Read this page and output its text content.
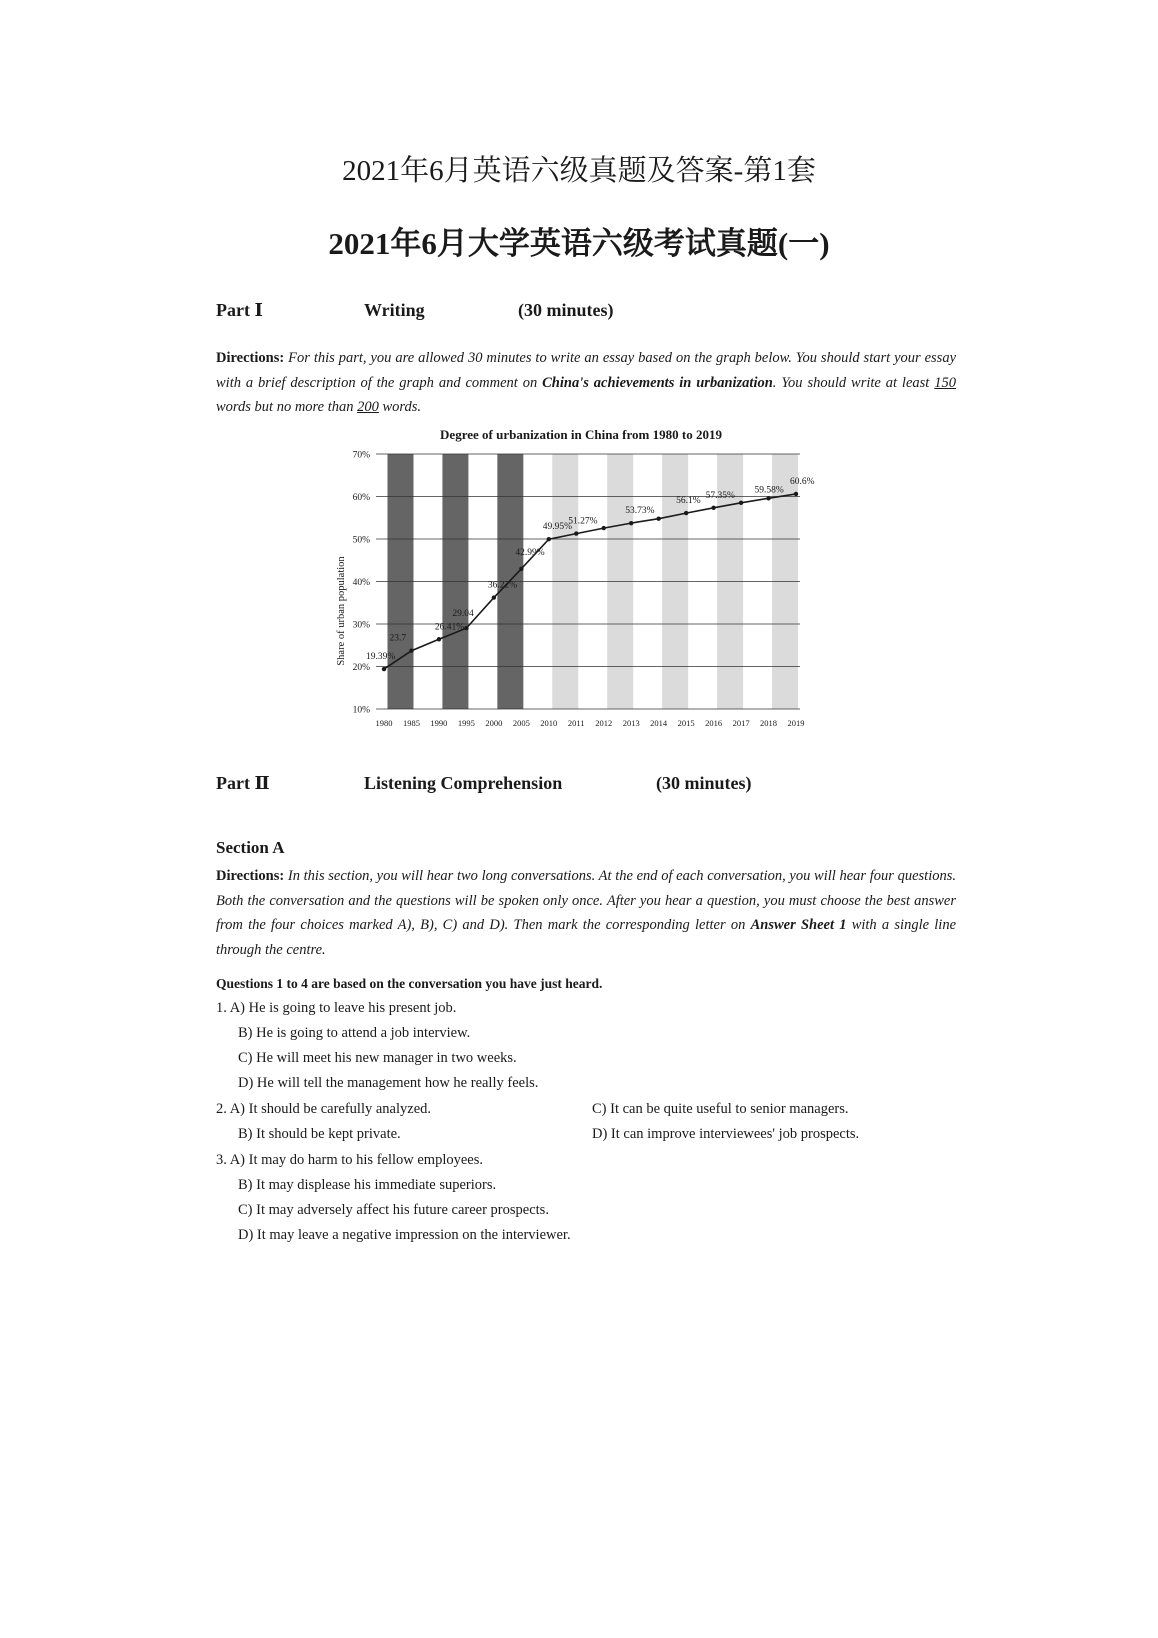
2021年6月英语六级真题及答案-第1套
2021年6月大学英语六级考试真题(一)
Part Ⅰ	Writing	(30 minutes)
Directions: For this part, you are allowed 30 minutes to write an essay based on the graph below. You should start your essay with a brief description of the graph and comment on China's achievements in urbanization. You should write at least 150 words but no more than 200 words.
Degree of urbanization in China from 1980 to 2019
Share of urban population
10%
20%
30%
40%
50%
60%
70%
1980 1985 1990 1995 2000 2005 2010 2011 2012 2013 2014 2015 2016 2017 2018 2019
19.39%
23.7
26.41%
29.04
36.22%
42.99%
49.95%
51.27%
53.73%
56.1%
57.35%
59.58%
60.6%
Part Ⅱ	Listening Comprehension	(30 minutes)
Section A
Directions: In this section, you will hear two long conversations. At the end of each conversation, you will hear four questions. Both the conversation and the questions will be spoken only once. After you hear a question, you must choose the best answer from the four choices marked A), B), C) and D). Then mark the corresponding letter on Answer Sheet 1 with a single line through the centre.
Questions 1 to 4 are based on the conversation you have just heard.
1. A) He is going to leave his present job.
B) He is going to attend a job interview.
C) He will meet his new manager in two weeks.
D) He will tell the management how he really feels.
2. A) It should be carefully analyzed.
B) It should be kept private.
C) It can be quite useful to senior managers.
D) It can improve interviewees' job prospects.
3. A) It may do harm to his fellow employees.
B) It may displease his immediate superiors.
C) It may adversely affect his future career prospects.
D) It may leave a negative impression on the interviewer.
